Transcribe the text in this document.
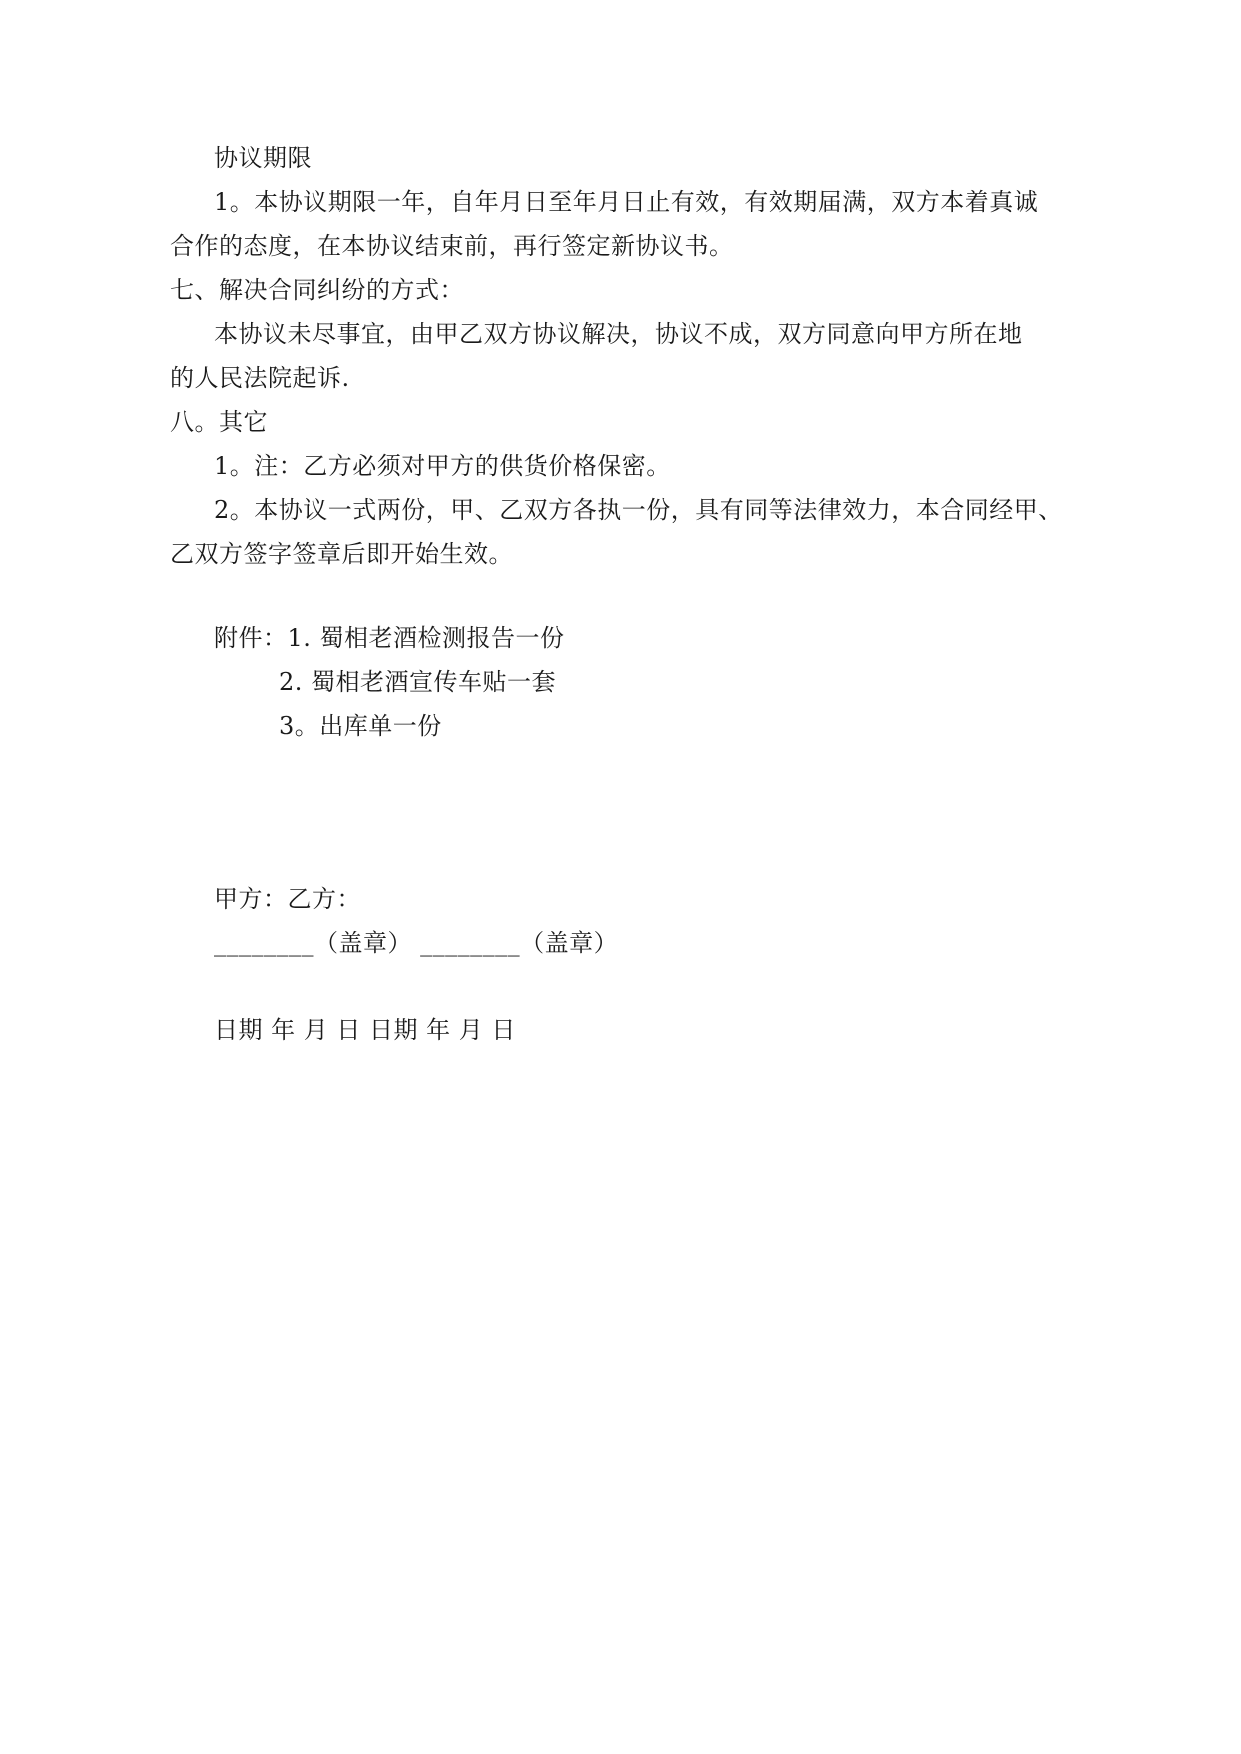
协议期限
1。本协议期限一年，自年月日至年月日止有效，有效期届满，双方本着真诚
合作的态度，在本协议结束前，再行签定新协议书。
七、解决合同纠纷的方式：
本协议未尽事宜，由甲乙双方协议解决，协议不成，双方同意向甲方所在地
的人民法院起诉.
八。其它
1。注：乙方必须对甲方的供货价格保密。
2。本协议一式两份，甲、乙双方各执一份，具有同等法律效力，本合同经甲、
乙双方签字签章后即开始生效。
附件：1. 蜀相老酒检测报告一份
2. 蜀相老酒宣传车贴一套
3。出库单一份
甲方：乙方：
________（盖章） ________（盖章）
日期 年 月 日 日期 年 月 日
